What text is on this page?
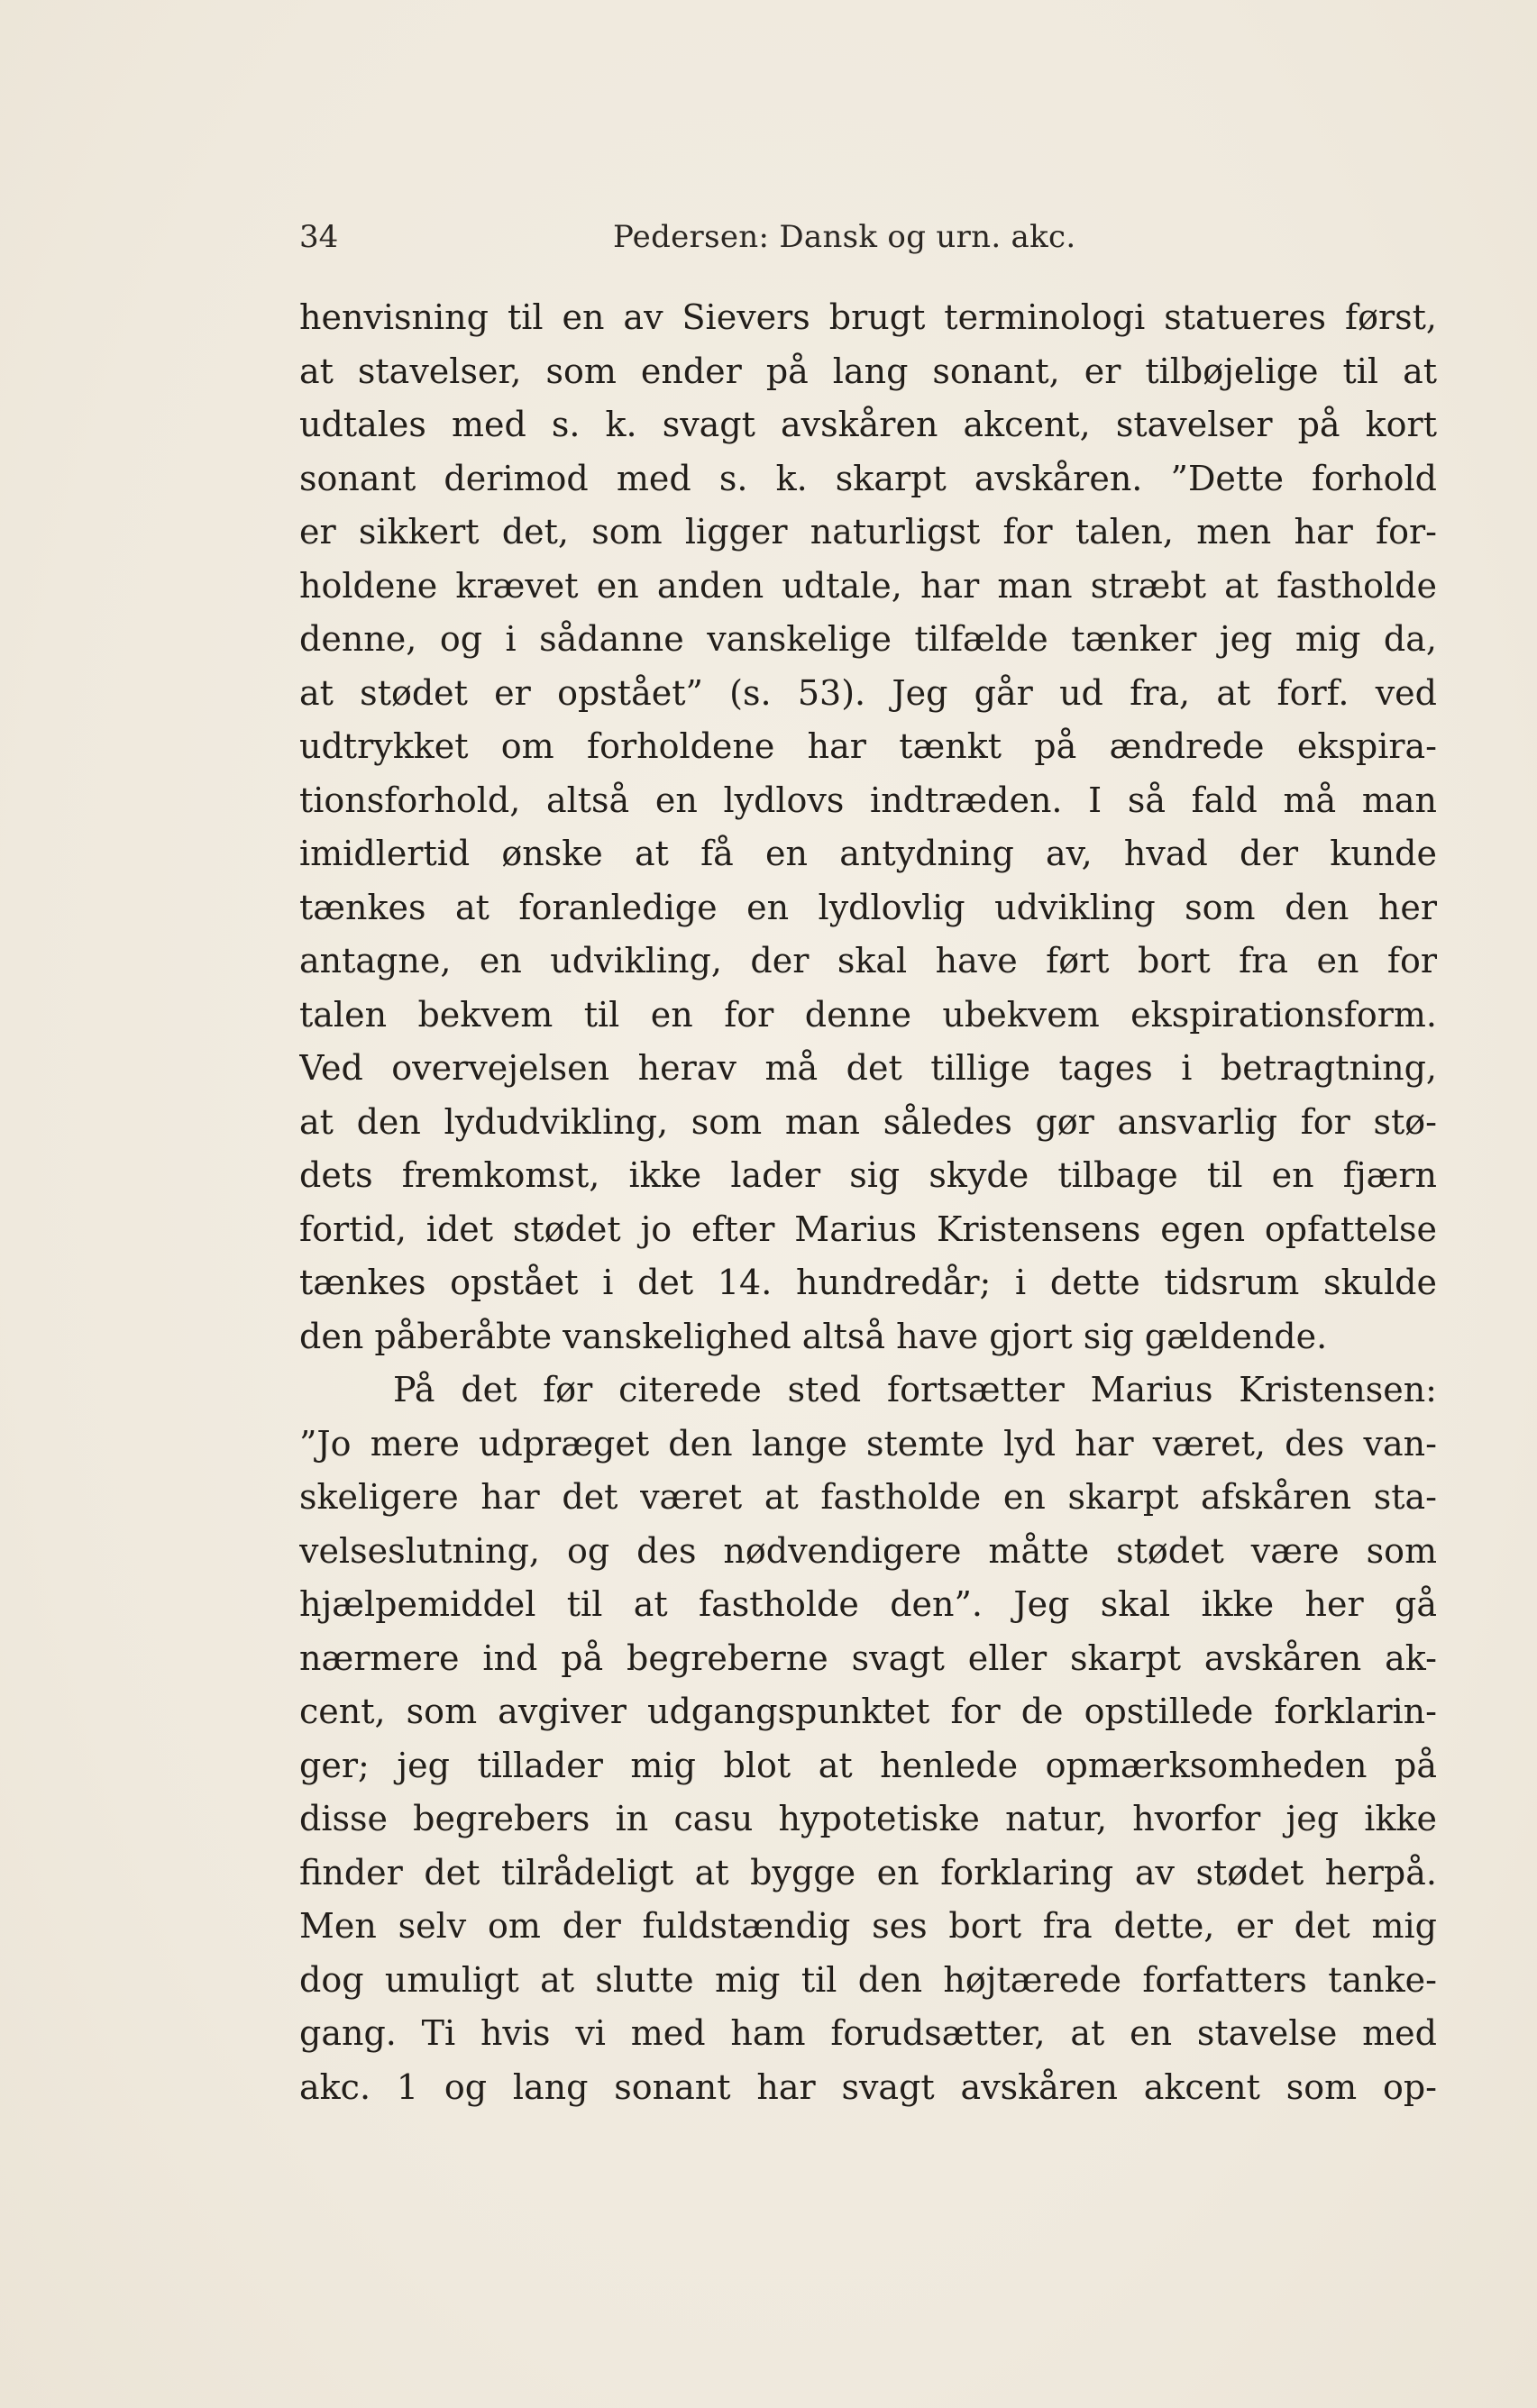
34	Pedersen: Dansk og urn. akc.
henvisning til en av Sievers brugt terminologi statueres først,
at stavelser, som ender på lang sonant, er tilbøjelige til at
udtales med s. k. svagt avskåren akcent, stavelser på kort
sonant derimod med s. k. skarpt avskåren. ”Dette forhold
er sikkert det, som ligger naturligst for talen, men har for-
holdene krævet en anden udtale, har man stræbt at fastholde
denne, og i sådanne vanskelige tilfælde tænker jeg mig da,
at stødet er opstået” (s. 53). Jeg går ud fra, at forf. ved
udtrykket om forholdene har tænkt på ændrede ekspira-
tionsforhold, altså en lydlovs indtræden. I så fald må man
imidlertid ønske at få en antydning av, hvad der kunde
tænkes at foranledige en lydlovlig udvikling som den her
antagne, en udvikling, der skal have ført bort fra en for
talen bekvem til en for denne ubekvem ekspirationsform.
Ved overvejelsen herav må det tillige tages i betragtning,
at den lydudvikling, som man således gør ansvarlig for stø-
dets fremkomst, ikke lader sig skyde tilbage til en fjærn
fortid, idet stødet jo efter Marius Kristensens egen opfattelse
tænkes opstået i det 14. hundredår; i dette tidsrum skulde
den påberåbte vanskelighed altså have gjort sig gældende.
På det før citerede sted fortsætter Marius Kristensen:
”Jo mere udpræget den lange stemte lyd har været, des van-
skeligere har det været at fastholde en skarpt afskåren sta-
velseslutning, og des nødvendigere måtte stødet være som
hjælpemiddel til at fastholde den”. Jeg skal ikke her gå
nærmere ind på begreberne svagt eller skarpt avskåren ak-
cent, som avgiver udgangspunktet for de opstillede forklarin-
ger; jeg tillader mig blot at henlede opmærksomheden på
disse begrebers in casu hypotetiske natur, hvorfor jeg ikke
finder det tilrådeligt at bygge en forklaring av stødet herpå.
Men selv om der fuldstændig ses bort fra dette, er det mig
dog umuligt at slutte mig til den højtærede forfatters tanke-
gang. Ti hvis vi med ham forudsætter, at en stavelse med
akc. 1 og lang sonant har svagt avskåren akcent som op-
